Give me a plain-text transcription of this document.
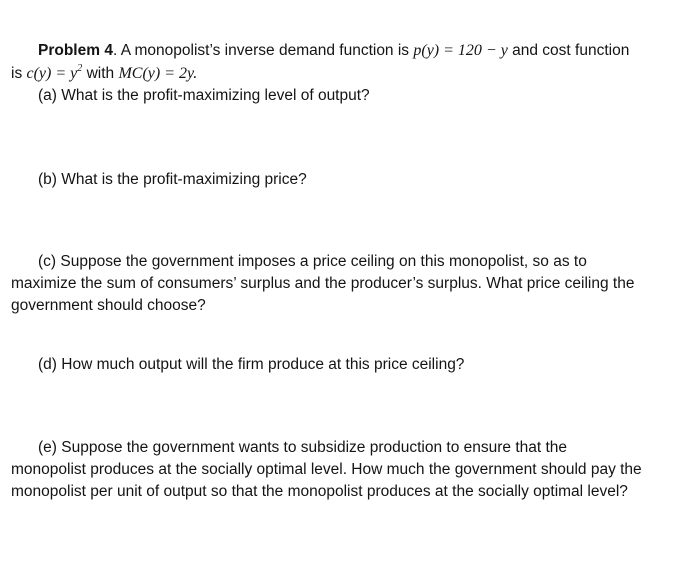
Problem 4. A monopolist’s inverse demand function is p(y) = 120 − y and cost function
is $c(y) = y^2$ with MC(y) = 2y.
(a) What is the profit-maximizing level of output?
(b) What is the profit-maximizing price?
(c) Suppose the government imposes a price ceiling on this monopolist, so as to
maximize the sum of consumers’ surplus and the producer’s surplus. What price ceiling the
government should choose?
(d) How much output will the firm produce at this price ceiling?
(e) Suppose the government wants to subsidize production to ensure that the
monopolist produces at the socially optimal level. How much the government should pay the
monopolist per unit of output so that the monopolist produces at the socially optimal level?
